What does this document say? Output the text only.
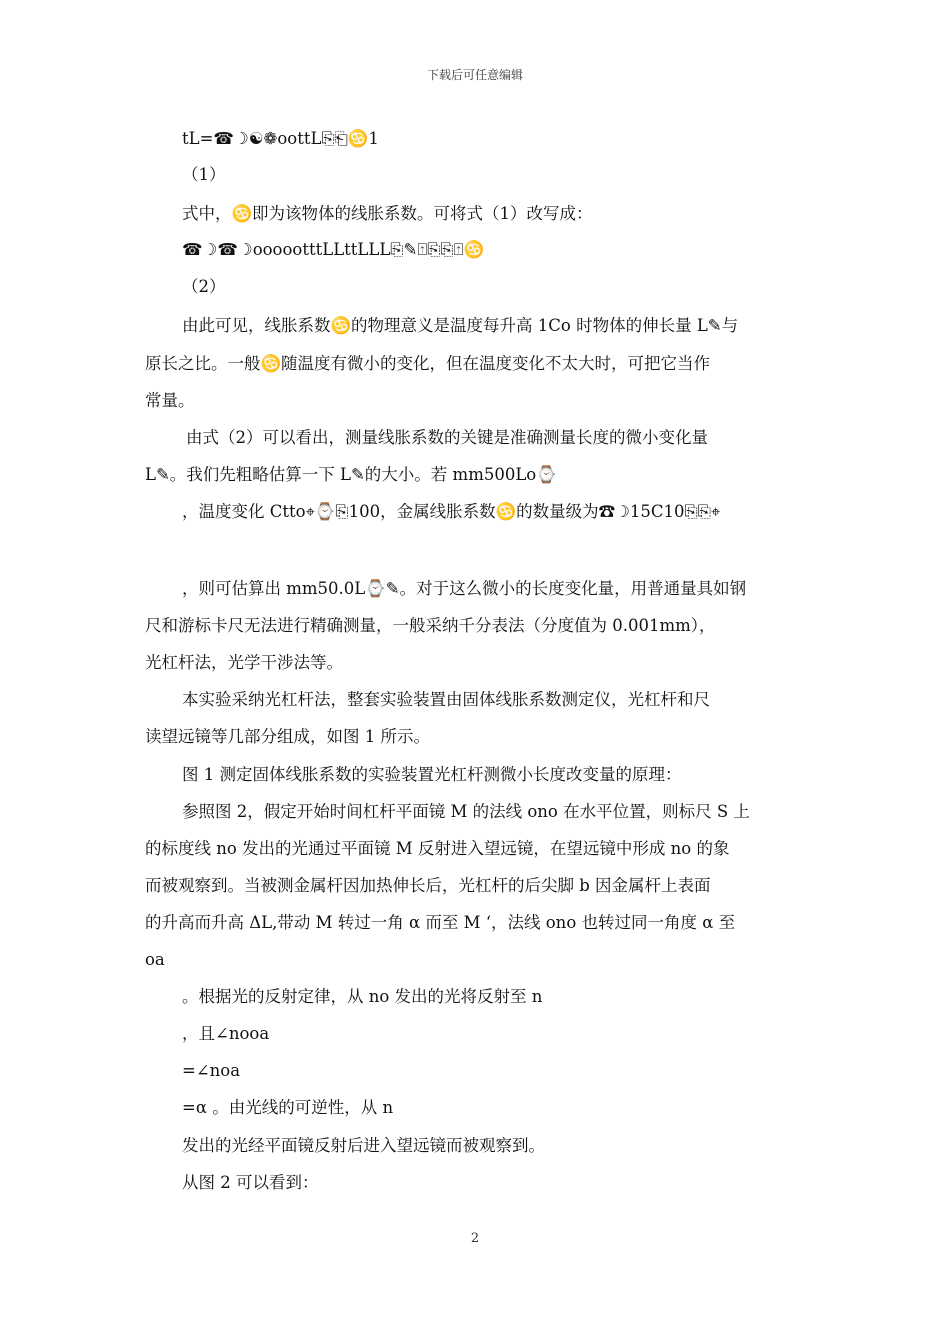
下载后可任意编辑
tL=☎☽☯❁oottL⎘⎗♋1
（1）
式中，♋即为该物体的线胀系数。可将式（1）改写成：
☎☽☎☽oooootttLLttLLL⎘✎⍐⎘⎘⍐♋
（2）
由此可见，线胀系数♋的物理意义是温度每升高 1Co 时物体的伸长量 L✎与
原长之比。一般♋随温度有微小的变化，但在温度变化不太大时，可把它当作
常量。
由式（2）可以看出，测量线胀系数的关键是准确测量长度的微小变化量
L✎。我们先粗略估算一下 L✎的大小。若 mm500Lo⌚
，温度变化 Ctto⌖⌚⎘100，金属线胀系数♋的数量级为☎☽15C10⎘⎘⌖
，则可估算出 mm50.0L⌚✎。对于这么微小的长度变化量，用普通量具如钢
尺和游标卡尺无法进行精确测量，一般采纳千分表法（分度值为 0.001mm），
光杠杆法，光学干涉法等。
本实验采纳光杠杆法，整套实验装置由固体线胀系数测定仪，光杠杆和尺
读望远镜等几部分组成，如图 1 所示。
图 1 测定固体线胀系数的实验装置光杠杆测微小长度改变量的原理：
参照图 2，假定开始时间杠杆平面镜 M 的法线 ono 在水平位置，则标尺 S 上
的标度线 no 发出的光通过平面镜 M 反射进入望远镜，在望远镜中形成 no 的象
而被观察到。当被测金属杆因加热伸长后，光杠杆的后尖脚 b 因金属杆上表面
的升高而升高 ΔL,带动 M 转过一角 α 而至 M ‘，法线 ono 也转过同一角度 α 至
oa
。根据光的反射定律，从 no 发出的光将反射至 n
，且∠nooa
=∠noa
=α 。由光线的可逆性，从 n
发出的光经平面镜反射后进入望远镜而被观察到。
从图 2 可以看到：
2
